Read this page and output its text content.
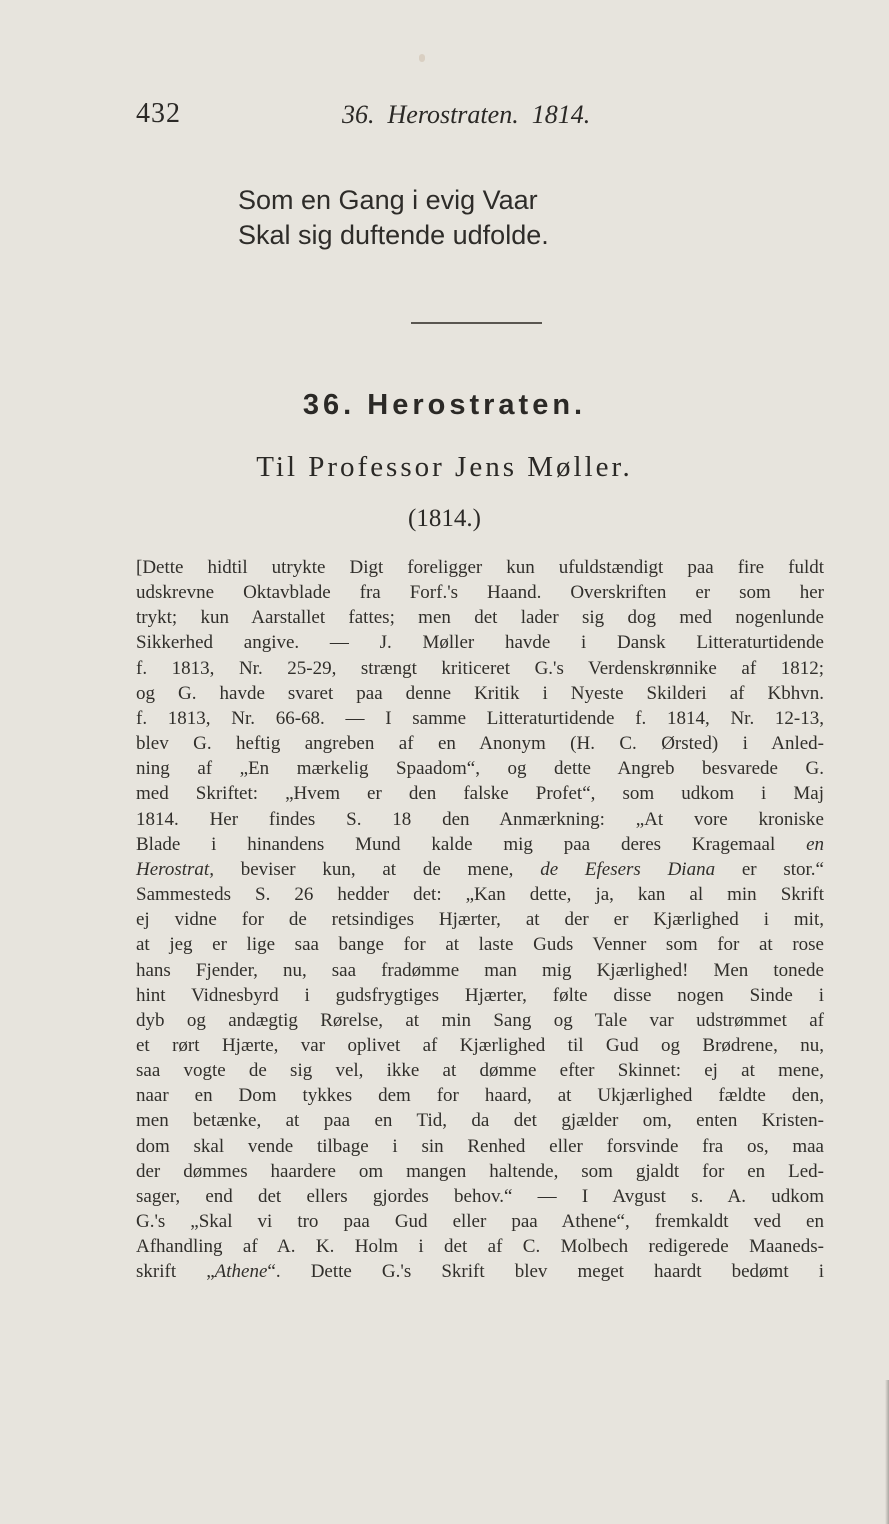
432	36.  Herostraten.  1814.
Som en Gang i evig Vaar
Skal sig duftende udfolde.
36. Herostraten.
Til Professor Jens Møller.
(1814.)
[Dette hidtil utrykte Digt foreligger kun ufuldstændigt paa fire fuldt
udskrevne Oktavblade fra Forf.'s Haand. Overskriften er som her
trykt; kun Aarstallet fattes; men det lader sig dog med nogenlunde
Sikkerhed angive. — J. Møller havde i Dansk Litteraturtidende
f. 1813, Nr. 25-29, strængt kriticeret G.'s Verdenskrønnike af 1812;
og G. havde svaret paa denne Kritik i Nyeste Skilderi af Kbhvn.
f. 1813, Nr. 66-68. — I samme Litteraturtidende f. 1814, Nr. 12-13,
blev G. heftig angreben af en Anonym (H. C. Ørsted) i Anled-
ning af „En mærkelig Spaadom“, og dette Angreb besvarede G.
med Skriftet: „Hvem er den falske Profet“, som udkom i Maj
1814. Her findes S. 18 den Anmærkning: „At vore kroniske
Blade i hinandens Mund kalde mig paa deres Kragemaal en
Herostrat, beviser kun, at de mene, de Efesers Diana er stor.“
Sammesteds S. 26 hedder det: „Kan dette, ja, kan al min Skrift
ej vidne for de retsindiges Hjærter, at der er Kjærlighed i mit,
at jeg er lige saa bange for at laste Guds Venner som for at rose
hans Fjender, nu, saa fradømme man mig Kjærlighed! Men tonede
hint Vidnesbyrd i gudsfrygtiges Hjærter, følte disse nogen Sinde i
dyb og andægtig Rørelse, at min Sang og Tale var udstrømmet af
et rørt Hjærte, var oplivet af Kjærlighed til Gud og Brødrene, nu,
saa vogte de sig vel, ikke at dømme efter Skinnet: ej at mene,
naar en Dom tykkes dem for haard, at Ukjærlighed fældte den,
men betænke, at paa en Tid, da det gjælder om, enten Kristen-
dom skal vende tilbage i sin Renhed eller forsvinde fra os, maa
der dømmes haardere om mangen haltende, som gjaldt for en Led-
sager, end det ellers gjordes behov.“ — I Avgust s. A. udkom
G.'s „Skal vi tro paa Gud eller paa Athene“, fremkaldt ved en
Afhandling af A. K. Holm i det af C. Molbech redigerede Maaneds-
skrift „Athene“. Dette G.'s Skrift blev meget haardt bedømt i
